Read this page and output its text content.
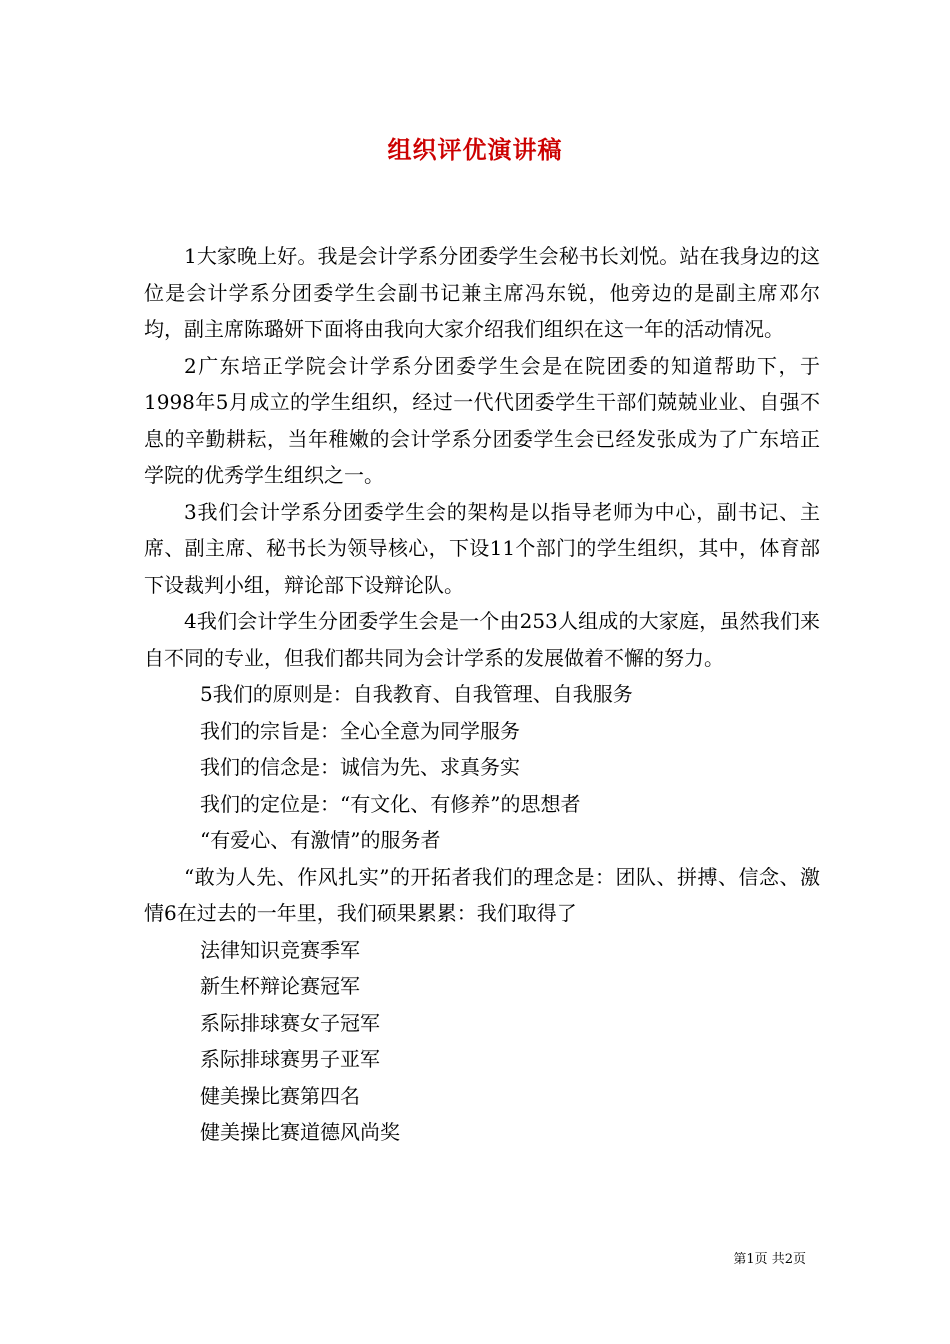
组织评优演讲稿

1大家晚上好。我是会计学系分团委学生会秘书长刘悦。站在我身边的这位是会计学系分团委学生会副书记兼主席冯东锐，他旁边的是副主席邓尔均，副主席陈璐妍下面将由我向大家介绍我们组织在这一年的活动情况。

2广东培正学院会计学系分团委学生会是在院团委的知道帮助下，于1998年5月成立的学生组织，经过一代代团委学生干部们兢兢业业、自强不息的辛勤耕耘，当年稚嫩的会计学系分团委学生会已经发张成为了广东培正学院的优秀学生组织之一。

3我们会计学系分团委学生会的架构是以指导老师为中心，副书记、主席、副主席、秘书长为领导核心，下设11个部门的学生组织，其中，体育部下设裁判小组，辩论部下设辩论队。

4我们会计学生分团委学生会是一个由253人组成的大家庭，虽然我们来自不同的专业，但我们都共同为会计学系的发展做着不懈的努力。

5我们的原则是：自我教育、自我管理、自我服务

我们的宗旨是：全心全意为同学服务

我们的信念是：诚信为先、求真务实

我们的定位是：“有文化、有修养”的思想者

“有爱心、有激情”的服务者

“敢为人先、作风扎实”的开拓者我们的理念是：团队、拼搏、信念、激情6在过去的一年里，我们硕果累累：我们取得了

法律知识竞赛季军

新生杯辩论赛冠军

系际排球赛女子冠军

系际排球赛男子亚军

健美操比赛第四名

健美操比赛道德风尚奖

第1页 共2页
